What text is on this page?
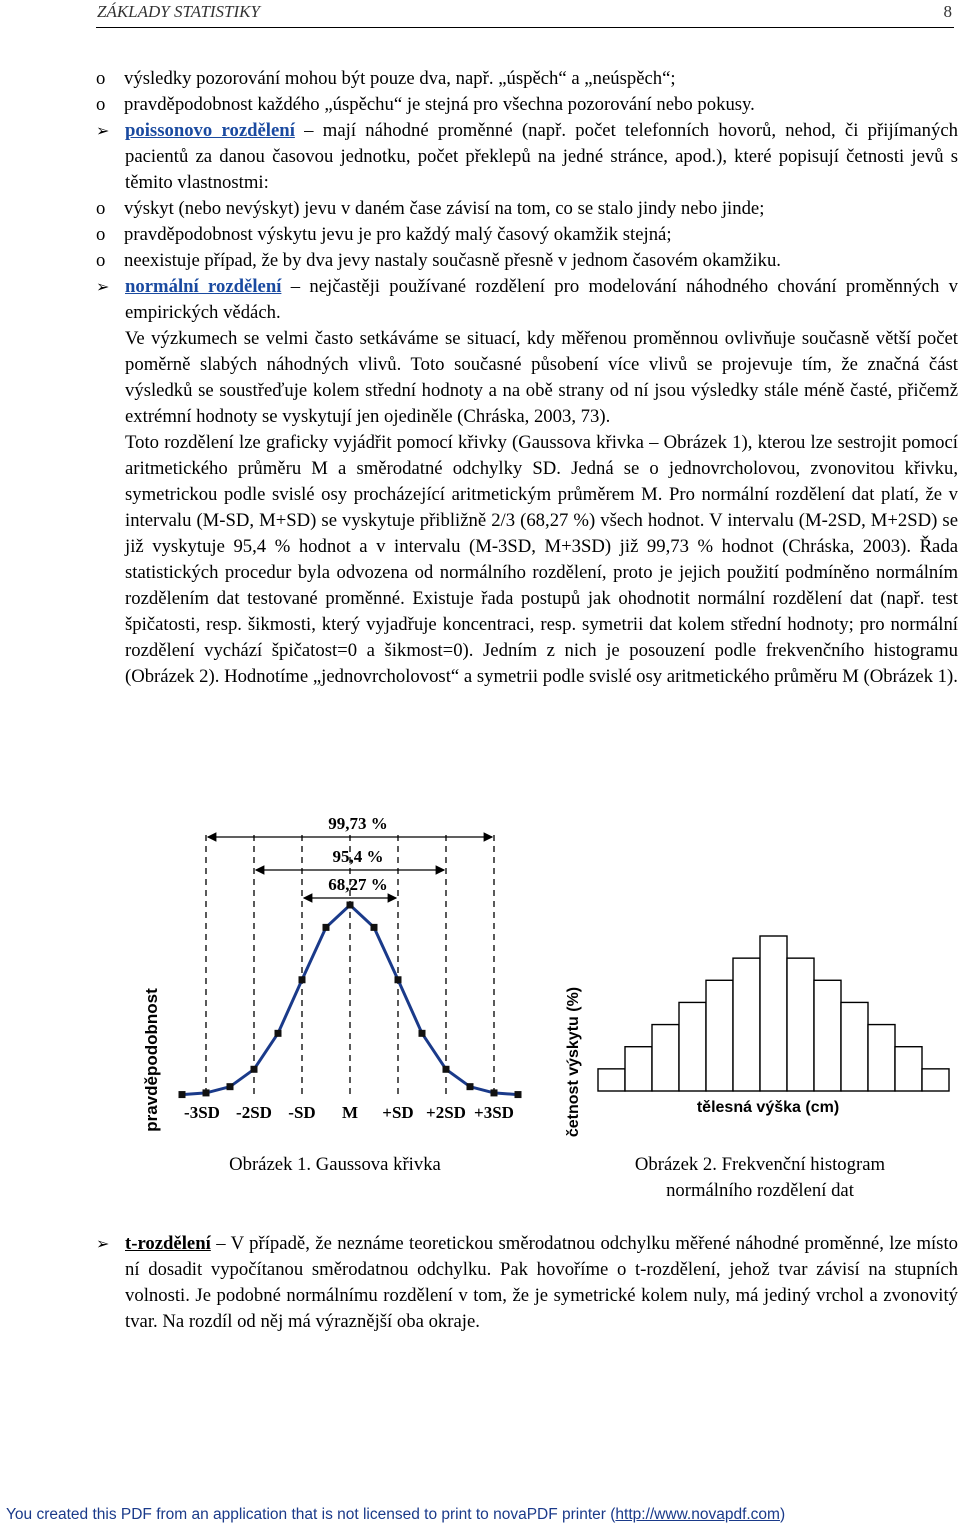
ZÁKLADY STATISTIKY	8
o výsledky pozorování mohou být pouze dva, např. „úspěch“ a „neúspěch“;
o pravděpodobnost každého „úspěchu“ je stejná pro všechna pozorování nebo pokusy.
➢ poissonovo rozdělení – mají náhodné proměnné (např. počet telefonních hovorů, nehod, či přijímaných pacientů za danou časovou jednotku, počet překlepů na jedné stránce, apod.), které popisují četnosti jevů s těmito vlastnostmi:
o výskyt (nebo nevýskyt) jevu v daném čase závisí na tom, co se stalo jindy nebo jinde;
o pravděpodobnost výskytu jevu je pro každý malý časový okamžik stejná;
o neexistuje případ, že by dva jevy nastaly současně přesně v jednom časovém okamžiku.
➢ normální rozdělení – nejčastěji používané rozdělení pro modelování náhodného chování proměnných v empirických vědách.
Ve výzkumech se velmi často setkáváme se situací, kdy měřenou proměnnou ovlivňuje současně větší počet poměrně slabých náhodných vlivů. Toto současné působení více vlivů se projevuje tím, že značná část výsledků se soustřeďuje kolem střední hodnoty a na obě strany od ní jsou výsledky stále méně časté, přičemž extrémní hodnoty se vyskytují jen ojediněle (Chráska, 2003, 73).
Toto rozdělení lze graficky vyjádřit pomocí křivky (Gaussova křivka – Obrázek 1), kterou lze sestrojit pomocí aritmetického průměru M a směrodatné odchylky SD. Jedná se o jednovrcholovou, zvonovitou křivku, symetrickou podle svislé osy procházející aritmetickým průměrem M. Pro normální rozdělení dat platí, že v intervalu (M-SD, M+SD) se vyskytuje přibližně 2/3 (68,27 %) všech hodnot. V intervalu (M-2SD, M+2SD) se již vyskytuje 95,4 % hodnot a v intervalu (M-3SD, M+3SD) již 99,73 % hodnot (Chráska, 2003). Řada statistických procedur byla odvozena od normálního rozdělení, proto je jejich použití podmíněno normálním rozdělením dat testované proměnné. Existuje řada postupů jak ohodnotit normální rozdělení dat (např. test špičatosti, resp. šikmosti, který vyjadřuje koncentraci, resp. symetrii dat kolem střední hodnoty; pro normální rozdělení vychází špičatost=0 a šikmost=0). Jedním z nich je posouzení podle frekvenčního histogramu (Obrázek 2). Hodnotíme „jednovrcholovost“ a symetrii podle svislé osy aritmetického průměru M (Obrázek 1).
pravděpodobnost
99,73 %
95,4 %
68,27 %
-3SD -2SD -SD M +SD +2SD +3SD	četnost výskytu (%)	tělesná výška (cm)
Obrázek 1. Gaussova křivka	Obrázek 2. Frekvenční histogram
normálního rozdělení dat
➢ t-rozdělení – V případě, že neznáme teoretickou směrodatnou odchylku měřené náhodné proměnné, lze místo ní dosadit vypočítanou směrodatnou odchylku. Pak hovoříme o t-rozdělení, jehož tvar závisí na stupních volnosti. Je podobné normálnímu rozdělení v tom, že je symetrické kolem nuly, má jediný vrchol a zvonovitý tvar. Na rozdíl od něj má výraznější oba okraje.
You created this PDF from an application that is not licensed to print to novaPDF printer (http://www.novapdf.com)
